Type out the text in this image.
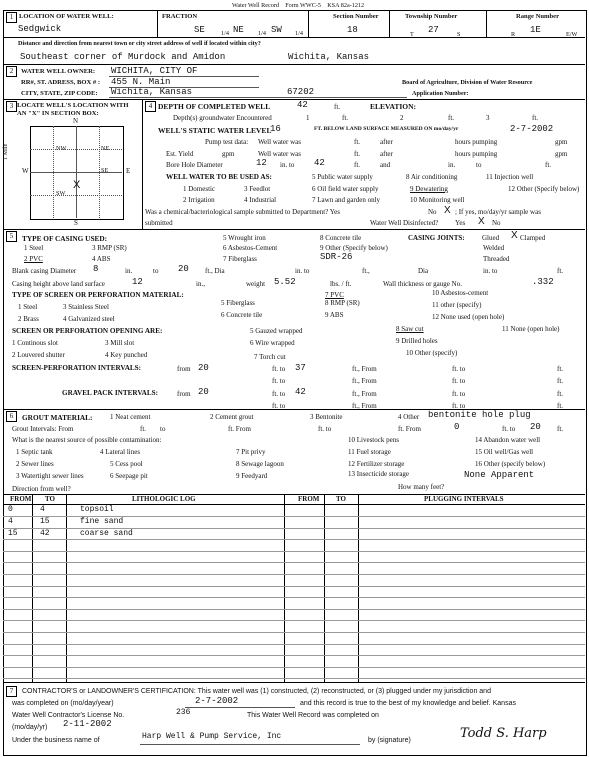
Water Well Record Form WWC-5 KSA 82a-1212
1 LOCATION OF WATER WELL:
Sedgwick
FRACTION
SE	1/4 NE 1/4 SW 1/4
Section Number
18
Township Number
T 27	S
Range Number
R 1E	E/W
Distance and direction from nearest town or city street address of well if located within city?
Southeast corner of Murdock and Amidon	Wichita, Kansas
2	WATER WELL OWNER: WICHITA, CITY OF
RR#, ST. ADRESS, BOX # : 455 N. Main	Board of Agriculture, Division of Water Resource
CITY, STATE, ZIP CODE: Wichita, Kansas	67202	Application Number:
3 LOCATE WELL'S LOCATION WITH AN "X" IN SECTION BOX:
N
S
W	E
1 Mile	NW	NE
SW
SE
X
4 DEPTH OF COMPLETED WELL	42	ft.	ELEVATION:
Depth(s) groundwater Encountered	1	ft.	2	ft.	3	ft.
WELL'S STATIC WATER LEVEL
16	FT. BELOW LAND SURFACE MEASURED ON mo/day/yr	2-7-2002
Pump test data: Well water was	ft.	after	hours pumping	gpm
Est. Yield	gpm	Well water was	ft.	after	hours pumping	gpm
Bore Hole Diameter	12 in. to 42	ft.	and	in.	to	ft.
WELL WATER TO BE USED AS:
1 Domestic	3 Feedlot
5 Public water supply	8 Air conditioning	11 Injection well
2 Irrigation	4 Industrial
6 Oil field water supply	9 Dewatering	12 Other (Specify below)
7 Lawn and garden only	10 Monitoring well
Was a chemical/bacteriological sample submitted to Department? Yes	No X ; If yes, mo/day/yr sample was
submitted	Water Well Disinfected? Yes X No
5	TYPE OF CASING USED:	5 Wrought iron	8 Concrete tile	CASING JOINTS: Glued X Clamped
1 Steel	3 RMP (SR)	6 Asbestos-Cement	9 Other (Specify below)	Welded
2 PVC	4 ABS	7 Fiberglass	SDR-26	Threaded
Blank casing Diameter 8	in.	to 20 ft., Dia	in. to	ft.,	Dia	in. to	ft.
Casing height above land surface	12	in.,	weight 5.52	lbs. / ft.	Wall thickness or gauge No.	.332
TYPE OF SCREEN OR PERFORATION MATERIAL:	7 PVC	10 Asbestos-cement
1 Steel	3 Stainless Steel	5 Fiberglass	8 RMP (SR)	11 other (specify)
2 Brass	4 Galvanized steel	6 Concrete tile	9 ABS	12 None used (open hole)
SCREEN OR PERFORATION OPENING ARE:	5 Gauzed wrapped	8 Saw cut	11 None (open hole)
1 Continous slot	3 Mill slot	6 Wire wrapped	9 Drilled holes
2 Louvered shutter	4 Key punched	7 Torch cut	10 Other (specify)
SCREEN-PERFORATION INTERVALS:	from 20	ft. to 37	ft., From	ft. to	ft.
ft. to	ft., From	ft. to	ft.
GRAVEL PACK INTERVALS:	from 20	ft. to 42	ft., From	ft. to	ft.
ft. to	ft., From	ft. to	ft.
6	GROUT MATERIAL:	1 Neat cement	2 Cement grout	3 Bentonite	4 Other bentonite hole plug
Grout Intervals: From	ft. to	ft. From	ft. to	ft. From	0	ft. to 20 ft.
What is the nearest source of possible contamination:	10 Livestock pens	14 Abandon water well
1 Septic tank	4 Lateral lines	7 Pit privy	11 Fuel storage	15 Oil well/Gas well
2 Sewer lines	5 Cess pool	8 Sewage lagoon	12 Fertilizer storage	16 Other (specify below)
3 Watertight sewer lines	6 Seepage pit	9 Feedyard	13 Insecticide storage	None Apparent
Direction from well?	How many feet?
FROM TO	LITHOLOGIC LOG	FROM TO	PLUGGING INTERVALS
0	4	topsoil
4	15	fine sand
15	42	coarse sand
7	CONTRACTOR'S or LANDOWNER'S CERTIFICATION: This water well was (1) constructed, (2) reconstructed, or (3) plugged under my jurisdiction and
was completed on (mo/day/year)	2-7-2002	and this record is true to the best of my knowledge and belief. Kansas
Water Well Contractor's License No.	236	This Water Well Record was completed on
(mo/day/yr) 2-11-2002
Under the business name of	Harp Well & Pump Service, Inc	by (signature)	Todd S. Harp
